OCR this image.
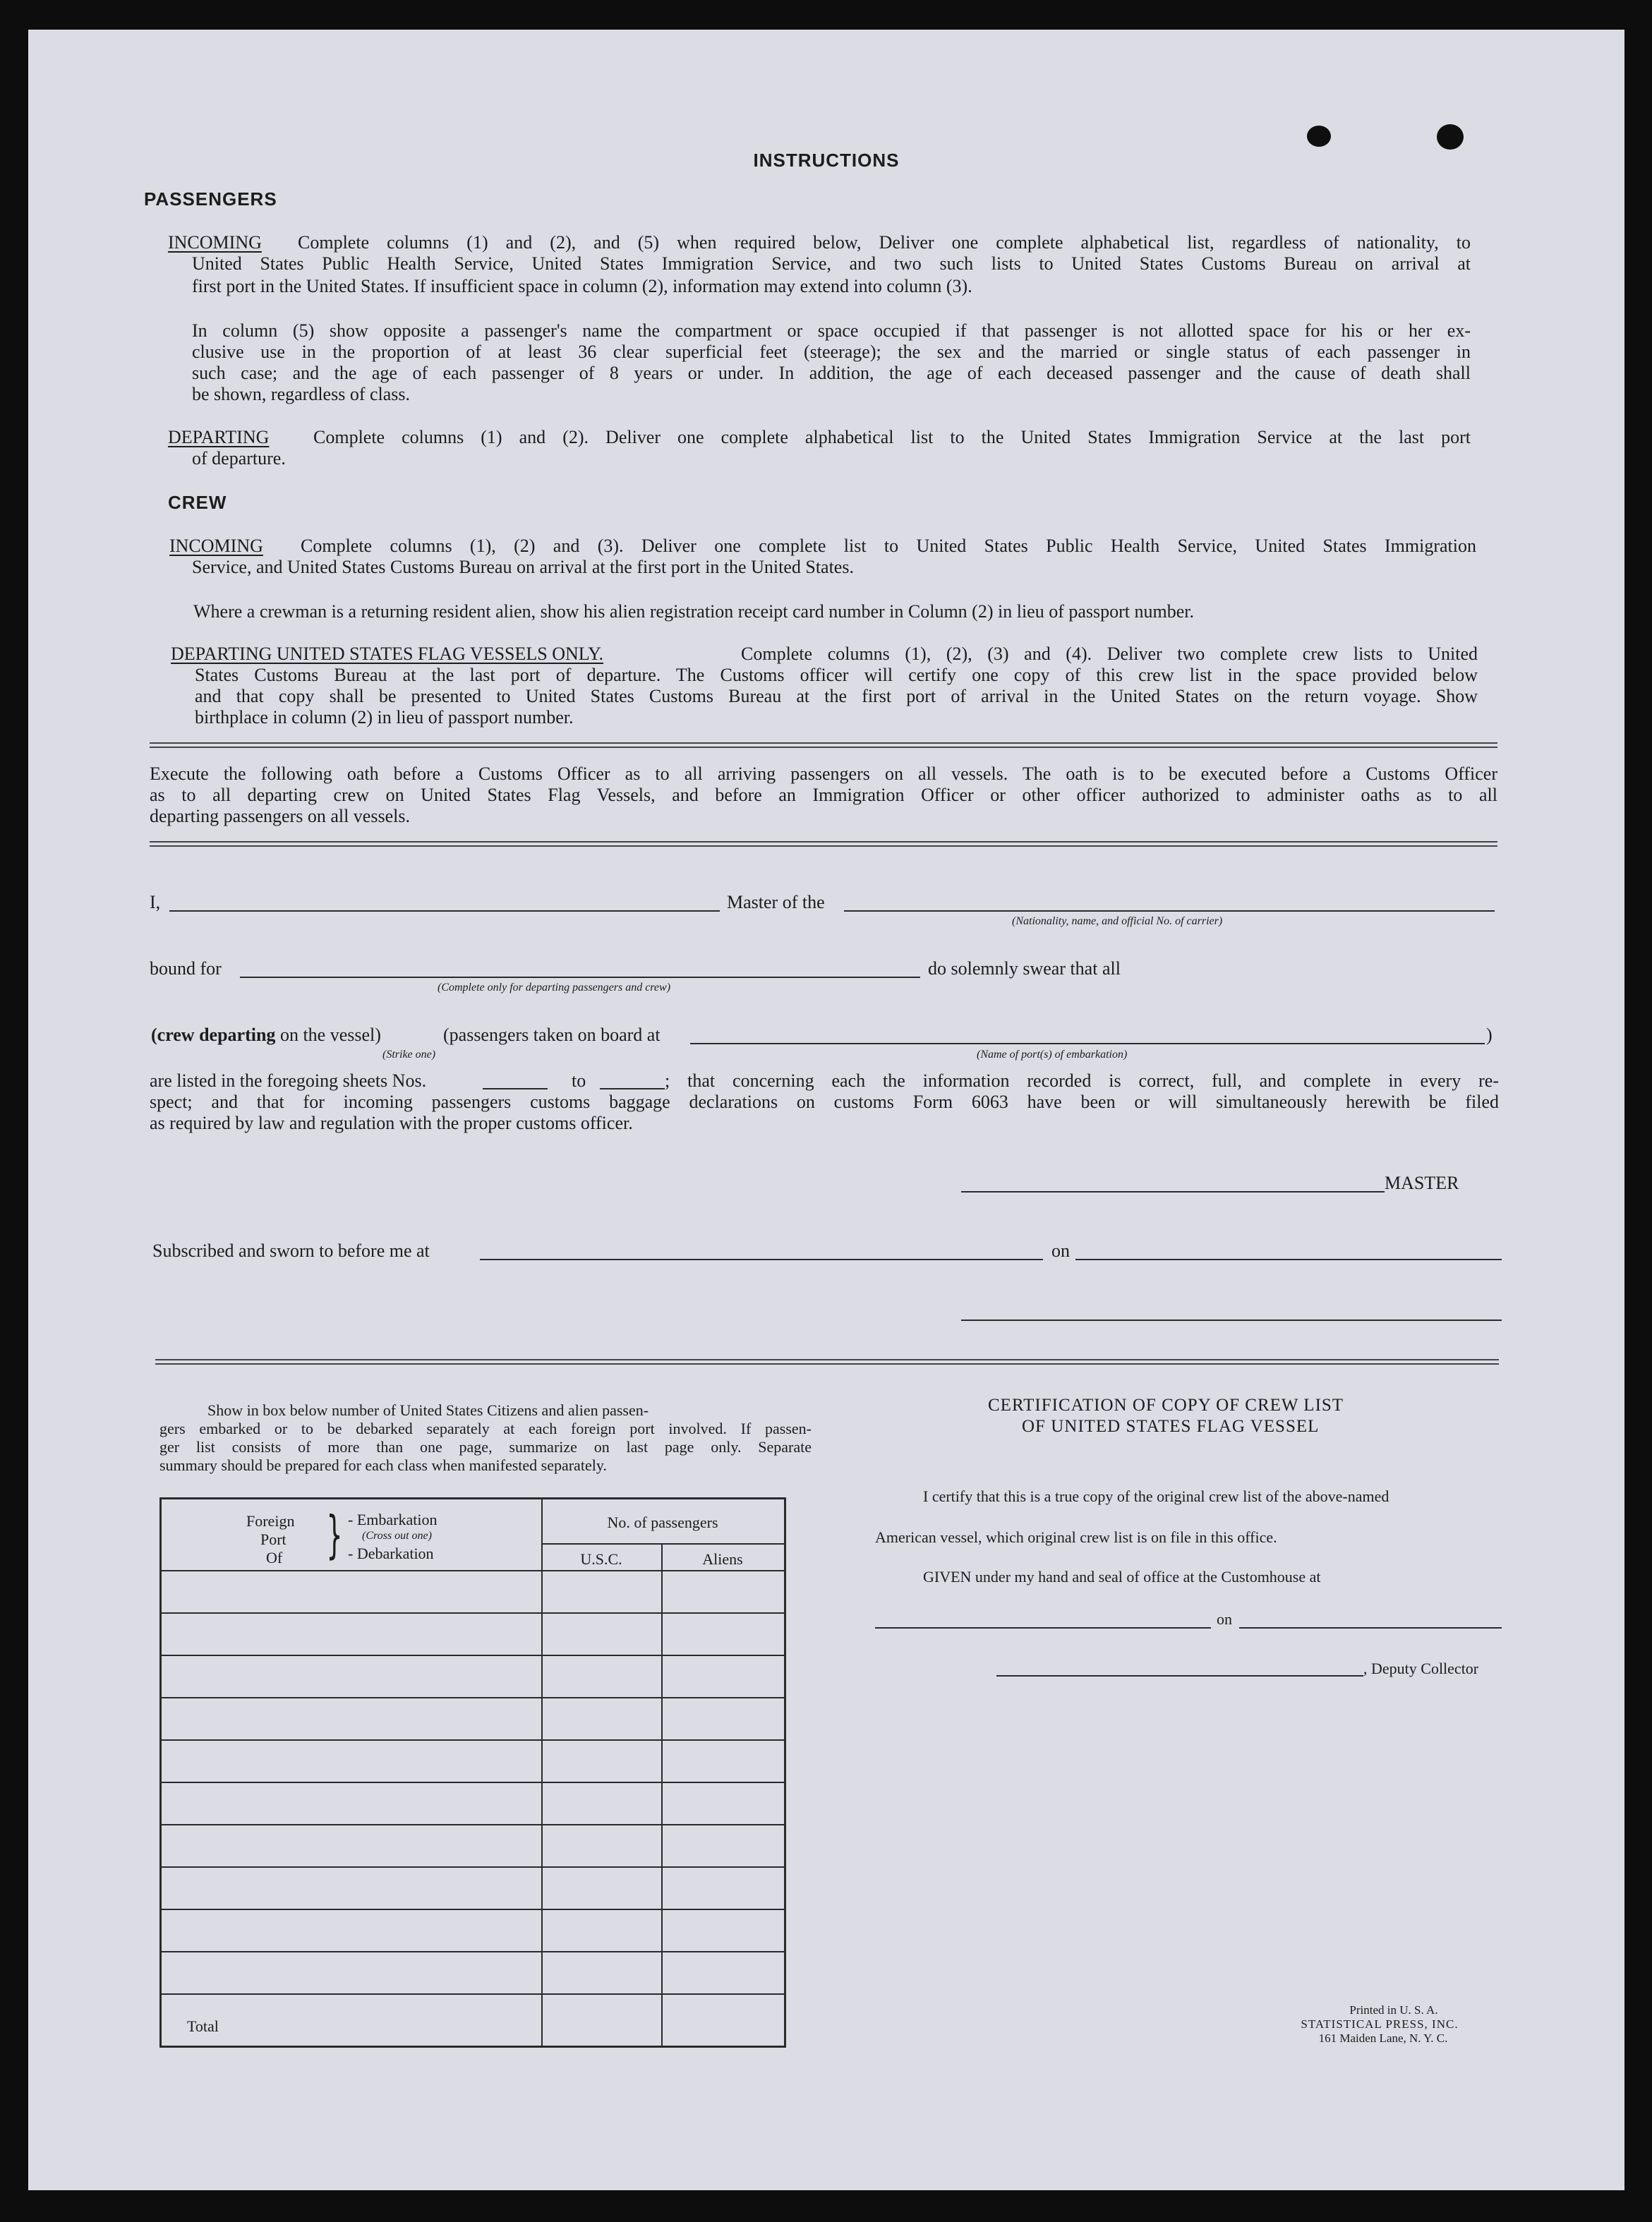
INSTRUCTIONS
PASSENGERS
INCOMING Complete columns (1) and (2), and (5) when required below, Deliver one complete alphabetical list, regardless of nationality, to
United States Public Health Service, United States Immigration Service, and two such lists to United States Customs Bureau on arrival at
first port in the United States. If insufficient space in column (2), information may extend into column (3).
In column (5) show opposite a passenger's name the compartment or space occupied if that passenger is not allotted space for his or her ex-
clusive use in the proportion of at least 36 clear superficial feet (steerage); the sex and the married or single status of each passenger in
such case; and the age of each passenger of 8 years or under. In addition, the age of each deceased passenger and the cause of death shall
be shown, regardless of class.
DEPARTING Complete columns (1) and (2). Deliver one complete alphabetical list to the United States Immigration Service at the last port
of departure.
CREW
INCOMING Complete columns (1), (2) and (3). Deliver one complete list to United States Public Health Service, United States Immigration
Service, and United States Customs Bureau on arrival at the first port in the United States.
Where a crewman is a returning resident alien, show his alien registration receipt card number in Column (2) in lieu of passport number.
DEPARTING UNITED STATES FLAG VESSELS ONLY.	Complete columns (1), (2), (3) and (4). Deliver two complete crew lists to United
States Customs Bureau at the last port of departure. The Customs officer will certify one copy of this crew list in the space provided below
and that copy shall be presented to United States Customs Bureau at the first port of arrival in the United States on the return voyage. Show
birthplace in column (2) in lieu of passport number.
Execute the following oath before a Customs Officer as to all arriving passengers on all vessels. The oath is to be executed before a Customs Officer
as to all departing crew on United States Flag Vessels, and before an Immigration Officer or other officer authorized to administer oaths as to all
departing passengers on all vessels.
I,	Master of the
(Nationality, name, and official No. of carrier)
bound for
(Complete only for departing passengers and crew)
do solemnly swear that all
(crew departing on the vessel)	(passengers taken on board at	)
(Strike one)	(Name of port(s) of embarkation)
are listed in the foregoing sheets Nos.	to	; that concerning each the information recorded is correct, full, and complete in every re-
spect; and that for incoming passengers customs baggage declarations on customs Form 6063 have been or will simultaneously herewith be filed
as required by law and regulation with the proper customs officer.
MASTER
Subscribed and sworn to before me at	on
Show in box below number of United States Citizens and alien passen-
gers embarked or to be debarked separately at each foreign port involved. If passen-
ger list consists of more than one page, summarize on last page only. Separate
summary should be prepared for each class when manifested separately.
Foreign
Port
Of } - Embarkation
(Cross out one)
- Debarkation
No. of passengers
U.S.C.	Aliens
Total
CERTIFICATION OF COPY OF CREW LIST
OF UNITED STATES FLAG VESSEL
I certify that this is a true copy of the original crew list of the above-named
American vessel, which original crew list is on file in this office.
GIVEN under my hand and seal of office at the Customhouse at
on
, Deputy Collector
Printed in U. S. A.
STATISTICAL PRESS, INC.
161 Maiden Lane, N. Y. C.
